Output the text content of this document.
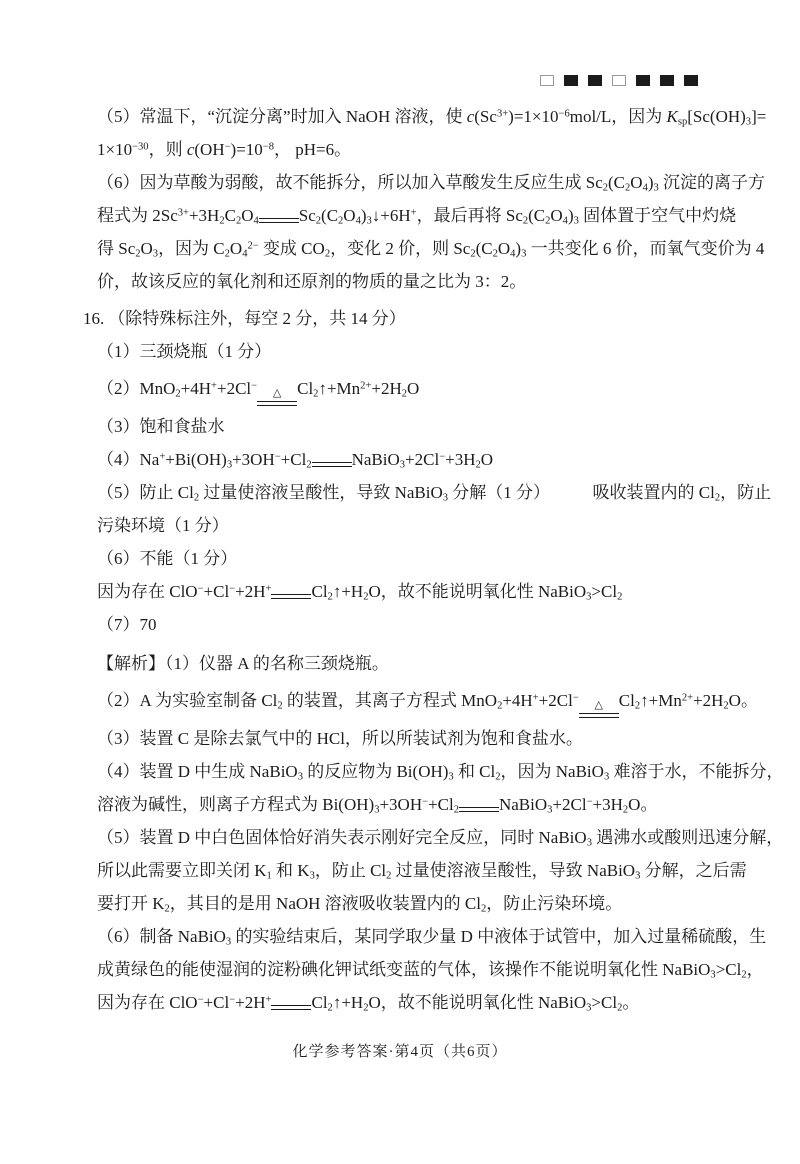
（5）常温下，“沉淀分离”时加入 NaOH 溶液，使 $c(Sc^{3+})=1\times 10^{-6}mol/L$，因为 $K_{sp}[Sc(OH)_3]=$
$1\times 10^{-30}$，则 $c(OH^-)=10^{-8}$， pH=6。
（6）因为草酸为弱酸，故不能拆分，所以加入草酸发生反应生成 $Sc_2(C_2O_4)_3$ 沉淀的离子方
程式为 $2Sc^{3+}+3H_2C_2O_4$ $Sc_2(C_2O_4)_3↓+6H^+$，最后再将 $Sc_2(C_2O_4)_3$ 固体置于空气中灼烧
得 $Sc_2O_3$，因为 $C_2O_4^{2-}$ 变成 $CO_2$，变化 2 价，则 $Sc_2(C_2O_4)_3$ 一共变化 6 价，而氧气变价为 4
价，故该反应的氧化剂和还原剂的物质的量之比为 3：2。
16. （除特殊标注外，每空 2 分，共 14 分）
（1）三颈烧瓶（1 分）
（2）MnO$_2$+4H++2Cl−
△ $Cl_2↑+Mn^{2+}+2H_2O$
（3）饱和食盐水
$(4)Na^++Bi(OH)_3+3OH^-+Cl_2$ $NaBiO_3+2Cl^-+3H_2O$
（5）防止 $Cl_2$ 过量使溶液呈酸性，导致 NaBiO$_3$ 分解（1 分）　　　吸收装置内的 $Cl_2$，防止
污染环境（1 分）
（6）不能（1 分）
因为存在 ClO−+Cl−+2H+ $Cl_2↑+H_2O$，故不能说明氧化性 $NaBiO_3>Cl_2$
（7）70
【解析】（1）仪器 A 的名称三颈烧瓶。
（2）A 为实验室制备 $Cl_2$ 的装置，其离子方程式 MnO$_2$+4H++2Cl−
△ $Cl_2↑+Mn^{2+}+2H_2O$。
（3）装置 C 是除去氯气中的 HCl，所以所装试剂为饱和食盐水。
（4）装置 D 中生成 NaBiO$_3$ 的反应物为 $Bi(OH)_3$ 和 $Cl_2$，因为 NaBiO$_3$ 难溶于水，不能拆分，
溶液为碱性，则离子方程式为 $Bi(OH)_3+3OH^-+Cl_2$ $NaBiO_3+2Cl^-+3H_2O$。
（5）装置 D 中白色固体恰好消失表示刚好完全反应，同时 NaBiO$_3$ 遇沸水或酸则迅速分解，
所以此需要立即关闭 $K_1$ 和 $K_3$，防止 $Cl_2$ 过量使溶液呈酸性，导致 NaBiO$_3$ 分解，之后需
要打开 $K_2$，其目的是用 NaOH 溶液吸收装置内的 $Cl_2$，防止污染环境。
（6）制备 NaBiO$_3$ 的实验结束后，某同学取少量 D 中液体于试管中，加入过量稀硫酸，生
成黄绿色的能使湿润的淀粉碘化钾试纸变蓝的气体，该操作不能说明氧化性 $NaBiO_3>Cl_2$，
因为存在 ClO−+Cl−+2H+ $Cl_2↑+H_2O$，故不能说明氧化性 $NaBiO_3>Cl_2$。
化学参考答案·第4页（共6页）
